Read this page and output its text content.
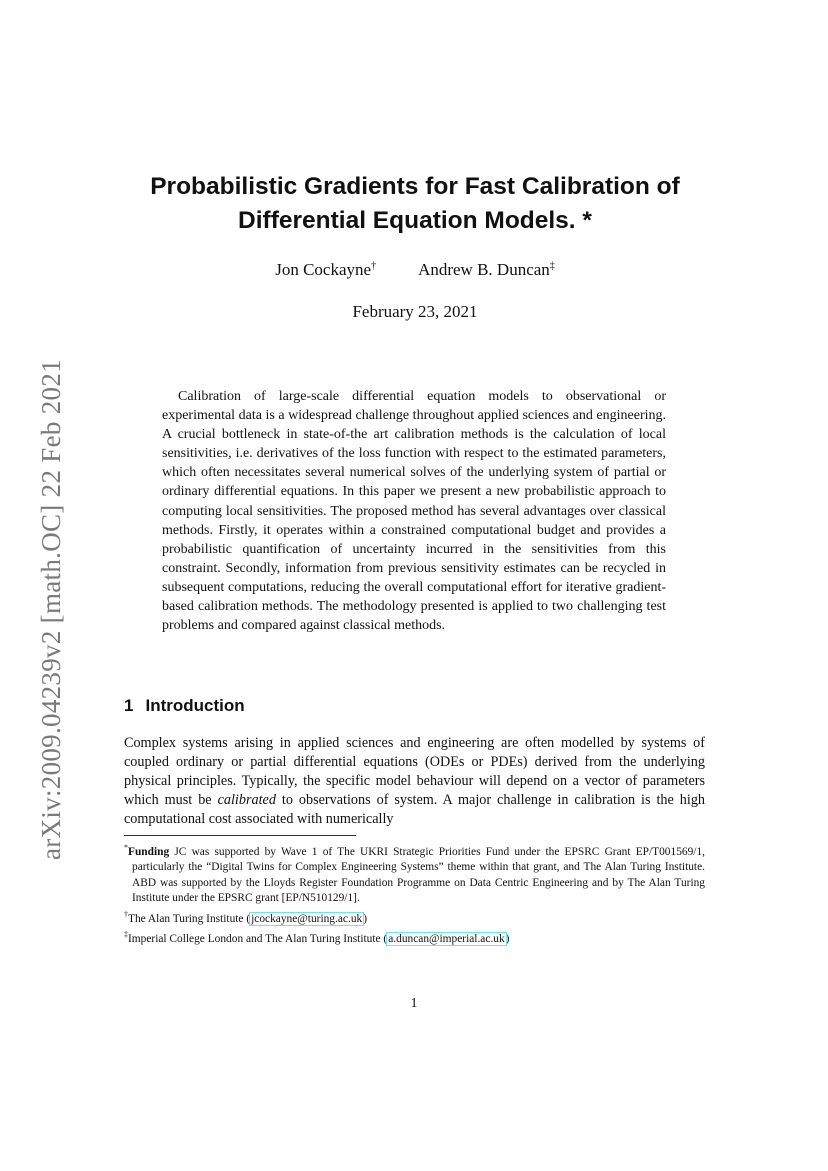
arXiv:2009.04239v2 [math.OC] 22 Feb 2021
Probabilistic Gradients for Fast Calibration of Differential Equation Models. *
Jon Cockayne† Andrew B. Duncan‡
February 23, 2021
Calibration of large-scale differential equation models to observational or experimental data is a widespread challenge throughout applied sciences and engineering. A crucial bottleneck in state-of-the art calibration methods is the calculation of local sensitivities, i.e. derivatives of the loss function with respect to the estimated parameters, which often necessitates several numerical solves of the underlying system of partial or ordinary differential equations. In this paper we present a new probabilistic approach to computing local sensitivities. The proposed method has several advantages over classical methods. Firstly, it operates within a constrained computational budget and provides a probabilistic quantification of uncertainty incurred in the sensitivities from this constraint. Secondly, information from previous sensitivity estimates can be recycled in subsequent computations, reducing the overall computational effort for iterative gradient-based calibration methods. The methodology presented is applied to two challenging test problems and compared against classical methods.
1 Introduction
Complex systems arising in applied sciences and engineering are often modelled by systems of coupled ordinary or partial differential equations (ODEs or PDEs) derived from the underlying physical principles. Typically, the specific model behaviour will depend on a vector of parameters which must be calibrated to observations of system. A major challenge in calibration is the high computational cost associated with numerically
*Funding JC was supported by Wave 1 of The UKRI Strategic Priorities Fund under the EPSRC Grant EP/T001569/1, particularly the “Digital Twins for Complex Engineering Systems” theme within that grant, and The Alan Turing Institute. ABD was supported by the Lloyds Register Foundation Programme on Data Centric Engineering and by The Alan Turing Institute under the EPSRC grant [EP/N510129/1].
†The Alan Turing Institute (jcockayne@turing.ac.uk)
‡Imperial College London and The Alan Turing Institute (a.duncan@imperial.ac.uk)
1
